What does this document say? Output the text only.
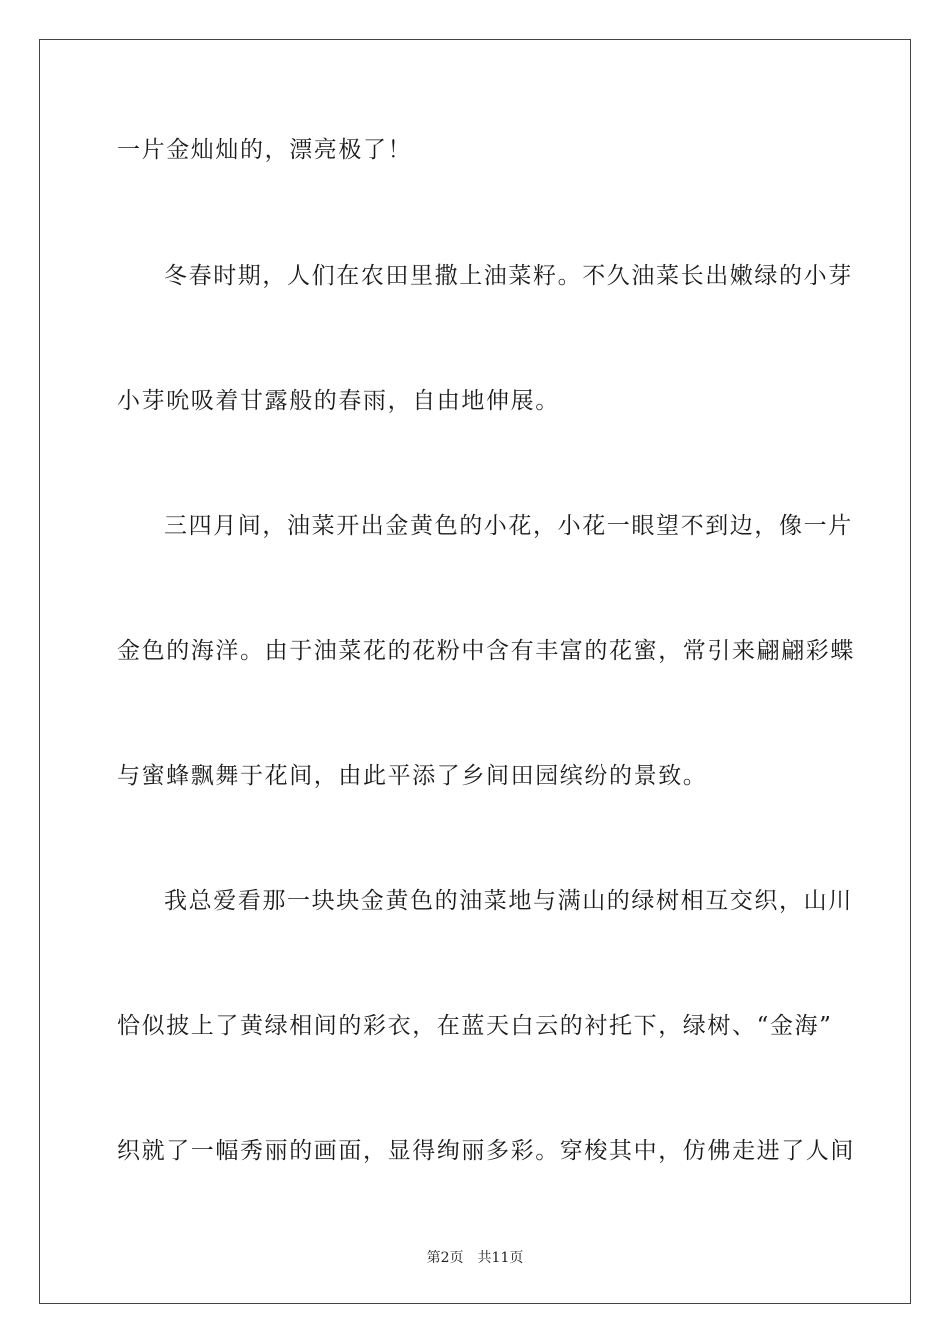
一片金灿灿的，漂亮极了！
冬春时期，人们在农田里撒上油菜籽。不久油菜长出嫩绿的小芽
小芽吮吸着甘露般的春雨，自由地伸展。
三四月间，油菜开出金黄色的小花，小花一眼望不到边，像一片
金色的海洋。由于油菜花的花粉中含有丰富的花蜜，常引来翩翩彩蝶
与蜜蜂飘舞于花间，由此平添了乡间田园缤纷的景致。
我总爱看那一块块金黄色的油菜地与满山的绿树相互交织，山川
恰似披上了黄绿相间的彩衣，在蓝天白云的衬托下，绿树、“金海”
织就了一幅秀丽的画面，显得绚丽多彩。穿梭其中，仿佛走进了人间
第2页 共11页
